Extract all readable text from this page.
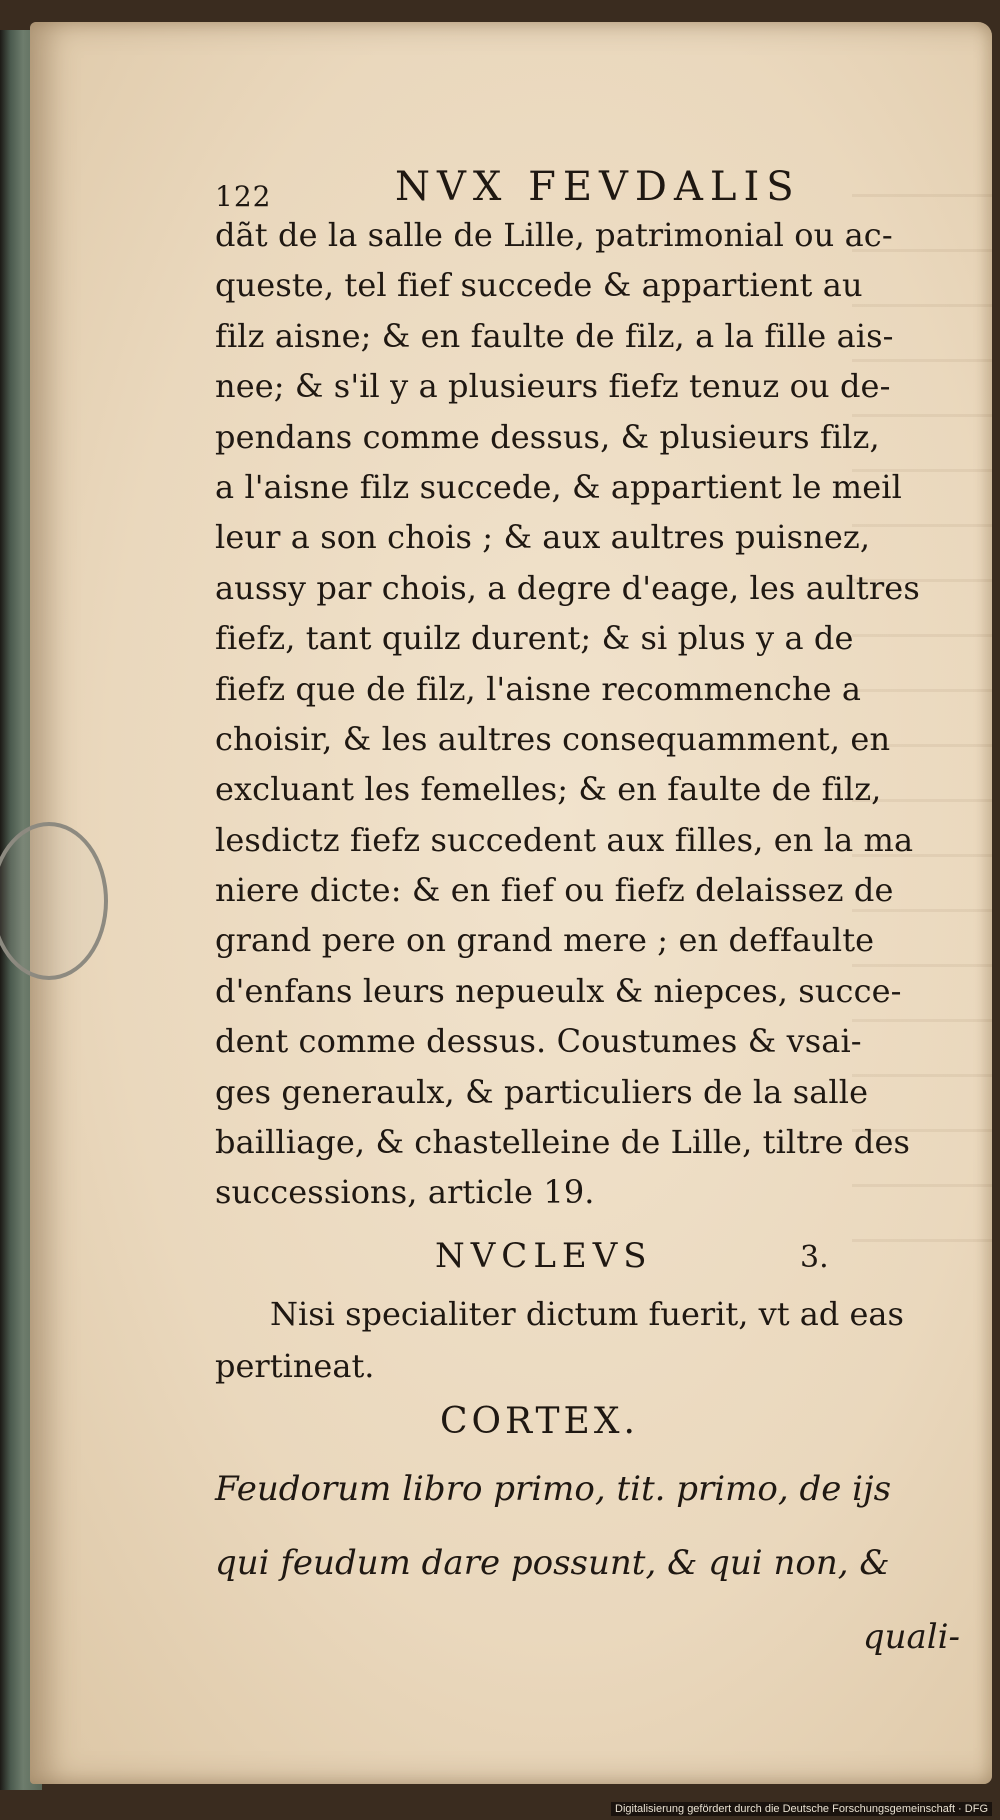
122	NVX FEVDALIS
dãt de la salle de Lille, patrimonial ou ac-
queste, tel fief succede & appartient au
filz aisne; & en faulte de filz, a la fille ais-
nee; & s'il y a plusieurs fiefz tenuz ou de-
pendans comme dessus, & plusieurs filz,
a l'aisne filz succede, & appartient le meil
leur a son chois ; & aux aultres puisnez,
aussy par chois, a degre d'eage, les aultres
fiefz, tant quilz durent; & si plus y a de
fiefz que de filz, l'aisne recommenche a
choisir, & les aultres consequamment, en
excluant les femelles; & en faulte de filz,
lesdictz fiefz succedent aux filles, en la ma
niere dicte: & en fief ou fiefz delaissez de
grand pere on grand mere ; en deffaulte
d'enfans leurs nepueulx & niepces, succe-
dent comme dessus. Coustumes & vsai-
ges generaulx, & particuliers de la salle
bailliage, & chastelleine de Lille, tiltre des
successions, article 19.
NVCLEVS	3.
Nisi specialiter dictum fuerit, vt ad eas
pertineat.
CORTEX.
Feudorum libro primo, tit. primo, de ijs
qui feudum dare possunt, & qui non, &
quali-
Digitalisierung gefördert durch die Deutsche Forschungsgemeinschaft · DFG
